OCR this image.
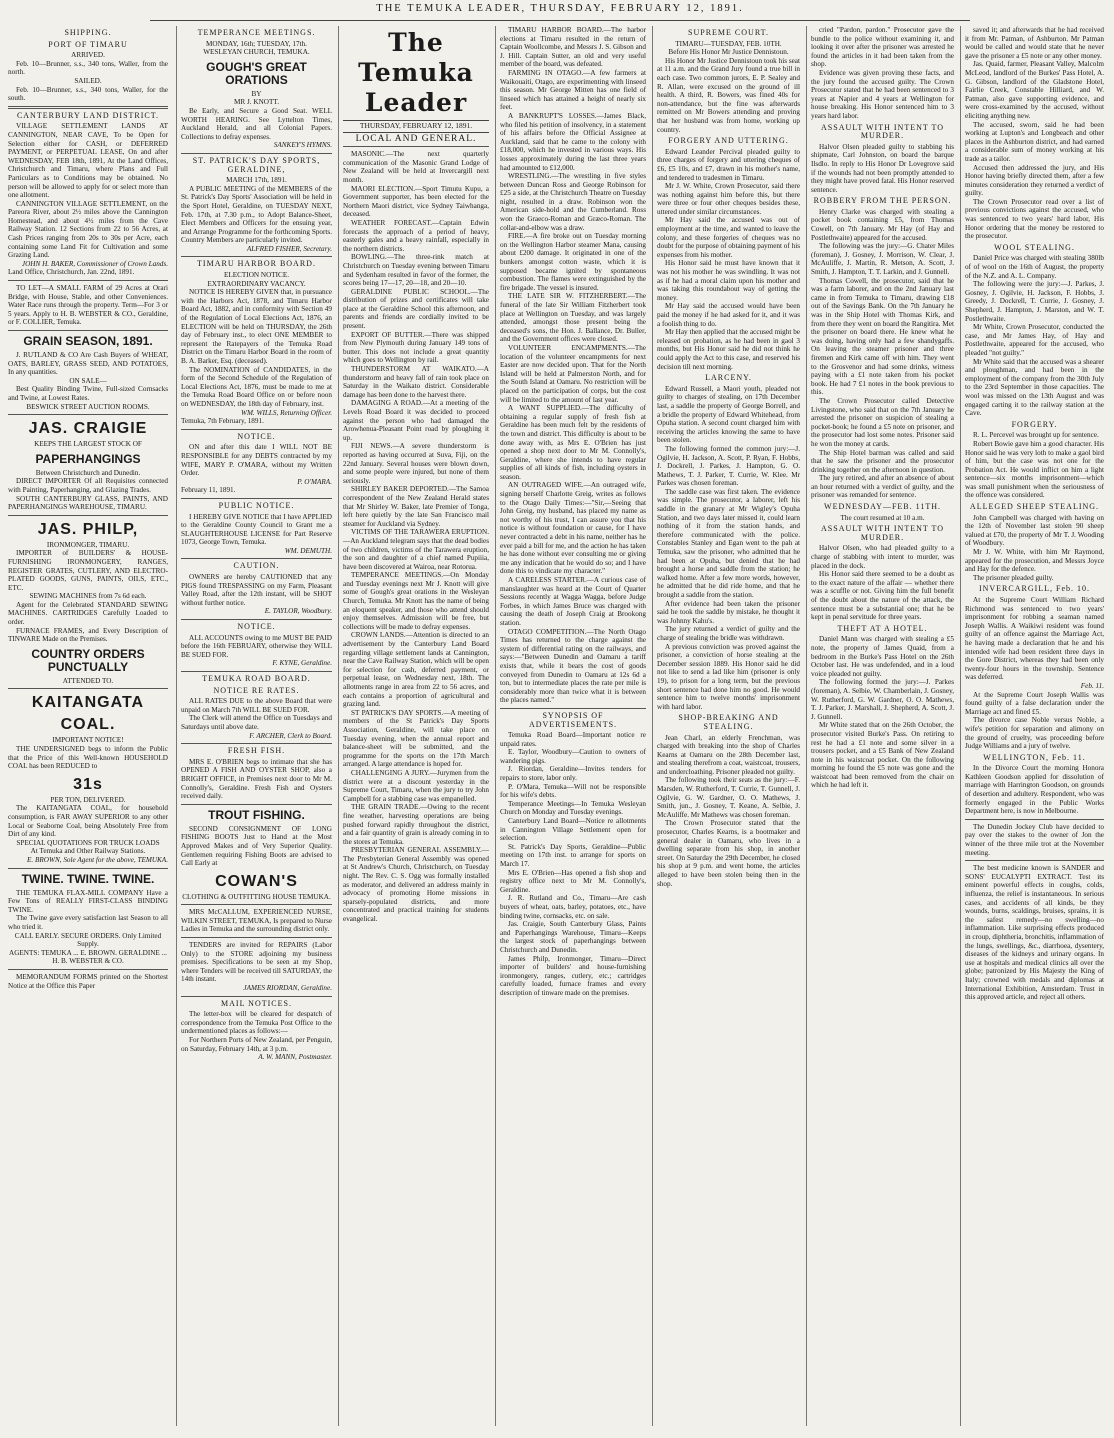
THE TEMUKA LEADER, THURSDAY, FEBRUARY 12, 1891.
SHIPPING.
PORT OF TIMARU
ARRIVED.

Feb. 10—Brunner, s.s., 340 tons, Waller, from the north.

SAILED.

Feb. 10—Brunner, s.s., 340 tons, Waller, for the south.

CANTERBURY LAND DISTRICT.

VILLAGE SETTLEMENT LANDS AT CANNINGTON, NEAR CAVE, To be Open for Selection either for CASH, or DEFERRED PAYMENT, or PERPETUAL LEASE, On and after WEDNESDAY, FEB 18th, 1891, At the Land Offices, Christchurch and Timaru, where Plans and Full Particulars as to Conditions may be obtained. No person will be allowed to apply for or select more than one allotment.

CANNINGTON VILLAGE SETTLEMENT, on the Pareora River, about 2½ miles above the Cannington Homestead, and about 4½ miles from the Cave Railway Station. 12 Sections from 22 to 56 Acres, at Cash Prices ranging from 20s to 30s per Acre, each containing some Land Fit for Cultivation and some Grazing Land.

JOHN H. BAKER, Commissioner of Crown Lands.
Land Office, Christchurch, Jan. 22nd, 1891.

TO LET—A SMALL FARM of 29 Acres at Orari Bridge, with House, Stable, and other Conveniences. Water Race runs through the property. Term—For 3 or 5 years. Apply to H. B. WEBSTER & CO., Geraldine, or F. COLLIER, Temuka.

GRAIN SEASON, 1891.

J. RUTLAND & CO Are Cash Buyers of WHEAT, OATS, BARLEY, GRASS SEED, AND POTATOES, In any quantities.

ON SALE—

Best Quality Binding Twine, Full-sized Cornsacks and Twine, at Lowest Rates.

BESWICK STREET AUCTION ROOMS.
JAS. CRAIGIE
KEEPS THE LARGEST STOCK OF
PAPERHANGINGS
Between Christchurch and Dunedin.

DIRECT IMPORTER Of all Requisites connected with Painting, Paperhanging, and Glazing Trades.

SOUTH CANTERBURY GLASS, PAINTS, AND PAPERHANGINGS WAREHOUSE, TIMARU.

JAS. PHILP,
IRONMONGER, TIMARU.

IMPORTER of BUILDERS' & HOUSE-FURNISHING IRONMONGERY, RANGES, REGISTER GRATES, CUTLERY, AND ELECTRO-PLATED GOODS, GUNS, PAINTS, OILS, ETC., ETC.

SEWING MACHINES from 7s 6d each.

Agent for the Celebrated STANDARD SEWING MACHINES. CARTRIDGES Carefully Loaded to order.

FURNACE FRAMES, and Every Description of TINWARE Made on the Premises.

COUNTRY ORDERS PUNCTUALLY
ATTENDED TO.
KAITANGATA
COAL.
IMPORTANT NOTICE!

THE UNDERSIGNED begs to inform the Public that the Price of this Well-known HOUSEHOLD COAL has been REDUCED to

31s
PER TON, DELIVERED.

The KAITANGATA COAL, for household consumption, is FAR AWAY SUPERIOR to any other Local or Seaborne Coal, being Absolutely Free from Dirt of any kind.

SPECIAL QUOTATIONS FOR TRUCK LOADS
At Temuka and Other Railway Stations.
E. BROWN, Sole Agent for the above, TEMUKA.
TWINE. TWINE. TWINE.

THE TEMUKA FLAX-MILL COMPANY Have a Few Tons of REALLY FIRST-CLASS BINDING TWINE.

The Twine gave every satisfaction last Season to all who tried it.

CALL EARLY. SECURE ORDERS. Only Limited Supply.
AGENTS: TEMUKA ... E. BROWN. GERALDINE ... H. B. WEBSTER & CO.

MEMORANDUM FORMS printed on the Shortest Notice at the Office this Paper

TEMPERANCE MEETINGS.
MONDAY, 16th; TUESDAY, 17th.
WESLEYAN CHURCH, TEMUKA.
GOUGH'S GREAT ORATIONS
BY
MR J. KNOTT.

Be Early, and Secure a Good Seat. WELL WORTH HEARING. See Lyttelton Times, Auckland Herald, and all Colonial Papers. Collections to defray expenses.

SANKEY'S HYMNS.
ST. PATRICK'S DAY SPORTS, GERALDINE,
MARCH 17th, 1891.

A PUBLIC MEETING of the MEMBERS of the St. Patrick's Day Sports' Association will be held in the Sport Hotel, Geraldine, on TUESDAY NEXT, Feb. 17th, at 7.30 p.m., to Adopt Balance-Sheet, Elect Members and Officers for the ensuing year, and Arrange Programme for the forthcoming Sports. Country Members are particularly invited.

ALFRED FISHER, Secretary.
TIMARU HARBOR BOARD.
ELECTION NOTICE.
EXTRAORDINARY VACANCY.

NOTICE IS HEREBY GIVEN that, in pursuance with the Harbors Act, 1878, and Timaru Harbor Board Act, 1882, and in conformity with Section 49 of the Regulation of Local Elections Act, 1876, an ELECTION will be held on THURSDAY, the 26th day of February inst., to elect ONE MEMBER to represent the Ratepayers of the Temuka Road District on the Timaru Harbor Board in the room of B. A. Barker, Esq. (deceased).

The NOMINATION of CANDIDATES, in the form of the Second Schedule of the Regulation of Local Elections Act, 1876, must be made to me at the Temuka Road Board Office on or before noon on WEDNESDAY, the 18th day of February, inst.

WM. WILLS, Returning Officer.
Temuka, 7th February, 1891.
NOTICE.

ON and after this date I WILL NOT BE RESPONSIBLE for any DEBTS contracted by my WIFE, MARY P. O'MARA, without my Written Order.

P. O'MARA.
February 11, 1891.
PUBLIC NOTICE.

I HEREBY GIVE NOTICE that I have APPLIED to the Geraldine County Council to Grant me a SLAUGHTERHOUSE LICENSE for Part Reserve 1073, George Town, Temuka.

WM. DEMUTH.
CAUTION.

OWNERS are hereby CAUTIONED that any PIGS found TRESPASSING on my Farm, Pleasant Valley Road, after the 12th instant, will be SHOT without further notice.

E. TAYLOR, Woodbury.
NOTICE.

ALL ACCOUNTS owing to me MUST BE PAID before the 16th FEBRUARY, otherwise they WILL BE SUED FOR.

F. KYNE, Geraldine.
TEMUKA ROAD BOARD.
NOTICE RE RATES.

ALL RATES DUE to the above Board that were unpaid on March 7th WILL BE SUED FOR.

The Clerk will attend the Office on Tuesdays and Saturdays until above date.

F. ARCHER, Clerk to Board.
FRESH FISH.

MRS E. O'BRIEN begs to intimate that she has OPENED A FISH AND OYSTER SHOP, also a BRIGHT OFFICE, in Premises next door to Mr M. Connolly's, Geraldine. Fresh Fish and Oysters received daily.

TROUT FISHING.

SECOND CONSIGNMENT OF LONG FISHING BOOTS Just to Hand at the Most Approved Makes and of Very Superior Quality. Gentlemen requiring Fishing Boots are advised to Call Early at

COWAN'S
CLOTHING & OUTFITTING HOUSE TEMUKA.

MRS McCALLUM, EXPERIENCED NURSE, WILKIN STREET, TEMUKA, Is prepared to Nurse Ladies in Temuka and the surrounding district only.

TENDERS are invited for REPAIRS (Labor Only) to the STORE adjoining my business premises. Specifications to be seen at my Shop, where Tenders will be received till SATURDAY, the 14th instant.

JAMES RIORDAN, Geraldine.
MAIL NOTICES.

The letter-box will be cleared for despatch of correspondence from the Temuka Post Office to the undermentioned places as follows:—

For Northern Ports of New Zealand, per Penguin, on Saturday, February 14th, at 3 p.m.

A. W. MANN, Postmaster.
The Temuka Leader
THURSDAY, FEBRUARY 12, 1891.
LOCAL AND GENERAL.

MASONIC.—The next quarterly communication of the Masonic Grand Lodge of New Zealand will be held at Invercargill next month.

MAORI ELECTION.—Sport Timutu Kupu, a Government supporter, has been elected for the Northern Maori district, vice Sydney Taiwhanga, deceased.

WEATHER FORECAST.—Captain Edwin forecasts the approach of a period of heavy, easterly gales and a heavy rainfall, especially in the northern districts.

BOWLING.—The three-rink match at Christchurch on Tuesday evening between Timaru and Sydenham resulted in favor of the former, the scores being 17—17, 20—18, and 20—10.

GERALDINE PUBLIC SCHOOL.—The distribution of prizes and certificates will take place at the Geraldine School this afternoon, and parents and friends are cordially invited to be present.

EXPORT OF BUTTER.—There was shipped from New Plymouth during January 149 tons of butter. This does not include a great quantity which goes to Wellington by rail.

THUNDERSTORM AT WAIKATO.—A thunderstorm and heavy fall of rain took place on Saturday in the Waikato district. Considerable damage has been done to the harvest there.

DAMAGING A ROAD.—At a meeting of the Levels Road Board it was decided to proceed against the person who had damaged the Arowhenua-Pleasant Point road by ploughing it up.

FIJI NEWS.—A severe thunderstorm is reported as having occurred at Suva, Fiji, on the 22nd January. Several houses were blown down, and some people were injured, but none of them seriously.

SHIRLEY BAKER DEPORTED.—The Samoa correspondent of the New Zealand Herald states that Mr Shirley W. Baker, late Premier of Tonga, left here quietly by the late San Francisco mail steamer for Auckland via Sydney.

VICTIMS OF THE TARAWERA ERUPTION.—An Auckland telegram says that the dead bodies of two children, victims of the Tarawera eruption, the son and daughter of a chief named Pupiiia, have been discovered at Wairoa, near Rotorua.

TEMPERANCE MEETINGS.—On Monday and Tuesday evenings next Mr J. Knott will give some of Gough's great orations in the Wesleyan Church, Temuka. Mr Knott has the name of being an eloquent speaker, and those who attend should enjoy themselves. Admission will be free, but collections will be made to defray expenses.

CROWN LANDS.—Attention is directed to an advertisement by the Canterbury Land Board regarding village settlement lands at Cannington, near the Cave Railway Station, which will be open for selection for cash, deferred payment, or perpetual lease, on Wednesday next, 18th. The allotments range in area from 22 to 56 acres, and each contains a proportion of agricultural and grazing land.

ST PATRICK'S DAY SPORTS.—A meeting of members of the St Patrick's Day Sports Association, Geraldine, will take place on Tuesday evening, when the annual report and balance-sheet will be submitted, and the programme for the sports on the 17th March arranged. A large attendance is hoped for.

CHALLENGING A JURY.—Jurymen from the district were at a discount yesterday in the Supreme Court, Timaru, when the jury to try John Campbell for a stabbing case was empanelled.

THE GRAIN TRADE.—Owing to the recent fine weather, harvesting operations are being pushed forward rapidly throughout the district, and a fair quantity of grain is already coming in to the stores at Temuka.

PRESBYTERIAN GENERAL ASSEMBLY.—The Presbyterian General Assembly was opened at St Andrew's Church, Christchurch, on Tuesday night. The Rev. C. S. Ogg was formally installed as moderator, and delivered an address mainly in advocacy of promoting Home missions in sparsely-populated districts, and more concentrated and practical training for students evangelical.

TIMARU HARBOR BOARD.—The harbor elections at Timaru resulted in the return of Captain Woollcombe, and Messrs J. S. Gibson and J. Hill. Captain Sutter, an old and very useful member of the board, was defeated.

FARMING IN OTAGO.—A few farmers at Waikouaiti, Otago, are experimenting with linseed this season. Mr George Mitten has one field of linseed which has attained a height of nearly six feet.

A BANKRUPT'S LOSSES.—James Black, who filed his petition of insolvency, in a statement of his affairs before the Official Assignee at Auckland, said that he came to the colony with £18,000, which he invested in various ways. His losses approximately during the last three years had amounted to £12,000.

WRESTLING.—The wrestling in five styles between Duncan Ross and George Robinson for £25 a side, at the Christchurch Theatre on Tuesday night, resulted in a draw. Robinson won the American side-hold and the Cumberland. Ross won the Graeco-Roman and Græco-Roman. The collar-and-elbow was a draw.

FIRE.—A fire broke out on Tuesday morning on the Wellington Harbor steamer Mana, causing about £200 damage. It originated in one of the bunkers amongst cotton waste, which it is supposed became ignited by spontaneous combustion. The flames were extinguished by the fire brigade. The vessel is insured.

THE LATE SIR W. FITZHERBERT.—The funeral of the late Sir William Fitzherbert took place at Wellington on Tuesday, and was largely attended, amongst those present being the deceased's sons, the Hon. J. Ballance, Dr. Buller, and the Government offices were closed.

VOLUNTEER ENCAMPMENTS.—The location of the volunteer encampments for next Easter are now decided upon. That for the North Island will be held at Palmerston North, and for the South Island at Oamaru. No restriction will be placed on the participation of corps, but the cost will be limited to the amount of last year.

A WANT SUPPLIED.—The difficulty of obtaining a regular supply of fresh fish at Geraldine has been much felt by the residents of the town and district. This difficulty is about to be done away with, as Mrs E. O'Brien has just opened a shop next door to Mr M. Connolly's, Geraldine, where she intends to have regular supplies of all kinds of fish, including oysters in season.

AN OUTRAGED WIFE.—An outraged wife, signing herself Charlotte Greig, writes as follows to the Otago Daily Times:—"Sir,—Seeing that John Greig, my husband, has placed my name as not worthy of his trust, I can assure you that his notice is without foundation or cause, for I have never contracted a debt in his name, neither has he ever paid a bill for me, and the action he has taken he has done without ever consulting me or giving me any indication that he would do so; and I have done this to vindicate my character."

A CARELESS STARTER.—A curious case of manslaughter was heard at the Court of Quarter Sessions recently at Wagga Wagga, before Judge Forbes, in which James Bruce was charged with causing the death of Joseph Craig at Brookong station.

OTAGO COMPETITION.—The North Otago Times has returned to the charge against the system of differential rating on the railways, and says:—"Between Dunedin and Oamaru a tariff exists that, while it bears the cost of goods conveyed from Dunedin to Oamaru at 12s 6d a ton, but to intermediate places the rate per mile is considerably more than twice what it is between the places named."

SYNOPSIS OF ADVERTISEMENTS.

Temuka Road Board—Important notice re unpaid rates.

E. Taylor, Woodbury—Caution to owners of wandering pigs.

J. Riordan, Geraldine—Invites tenders for repairs to store, labor only.

P. O'Mara, Temuka—Will not be responsible for his wife's debts.

Temperance Meetings—In Temuka Wesleyan Church on Monday and Tuesday evenings.

Canterbury Land Board—Notice re allotments in Cannington Village Settlement open for selection.

St. Patrick's Day Sports, Geraldine—Public meeting on 17th inst. to arrange for sports on March 17.

Mrs E. O'Brien—Has opened a fish shop and registry office next to Mr M. Connolly's, Geraldine.

J. R. Rutland and Co., Timaru—Are cash buyers of wheat, oats, barley, potatoes, etc., have binding twine, cornsacks, etc. on sale.

Jas. Craigie, South Canterbury Glass, Paints and Paperhangings Warehouse, Timaru—Keeps the largest stock of paperhangings between Christchurch and Dunedin.

James Philp, Ironmonger, Timaru—Direct importer of builders' and house-furnishing ironmongery, ranges, cutlery, etc.; cartridges carefully loaded, furnace frames and every description of tinware made on the premises.

SUPREME COURT.
TIMARU—TUESDAY, FEB. 10TH.
Before His Honor Mr Justice Dennistoun.

His Honor Mr Justice Dennistoun took his seat at 11 a.m. and the Grand Jury found a true bill in each case. Two common jurors, E. P. Sealey and R. Allan, were excused on the ground of ill health. A third, R. Bowers, was fined 40s for non-attendance, but the fine was afterwards remitted on Mr Bowers attending and proving that her husband was from home, working up country.

FORGERY AND UTTERING.

Edward Leander Percival pleaded guilty to three charges of forgery and uttering cheques of £6, £5 10s, and £7, drawn in his mother's name, and tendered to tradesmen in Timaru.

Mr J. W. White, Crown Prosecutor, said there was nothing against him before this, but there were three or four other cheques besides these, uttered under similar circumstances.

Mr Hay said the accused was out of employment at the time, and wanted to leave the colony, and these forgeries of cheques was no doubt for the purpose of obtaining payment of his expenses from his mother.

His Honor said he must have known that it was not his mother he was swindling. It was not as if he had a moral claim upon his mother and was taking this roundabout way of getting the money.

Mr Hay said the accused would have been paid the money if he had asked for it, and it was a foolish thing to do.

Mr Hay then applied that the accused might be released on probation, as he had been in gaol 3 months, but His Honor said he did not think he could apply the Act to this case, and reserved his decision till next morning.

LARCENY.

Edward Russell, a Maori youth, pleaded not guilty to charges of stealing, on 17th December last, a saddle the property of George Borrell, and a bridle the property of Edward Whitehead, from Opuha station. A second count charged him with receiving the articles knowing the same to have been stolen.

The following formed the common jury:—J. Ogilvie, H. Jackson, A. Scott, P. Ryan, F. Hobbs, J. Dockrell, J. Parkes, J. Hampton, G. O. Mathews, T. J. Parker, T. Currie, W. Klee. Mr Parkes was chosen foreman.

The saddle case was first taken. The evidence was simple. The prosecutor, a laborer, left his saddle in the granary at Mr Wigley's Opuha Station, and two days later missed it, could learn nothing of it from the station hands, and therefore communicated with the police. Constables Stanley and Egan went to the pah at Temuka, saw the prisoner, who admitted that he had been at Opuha, but denied that he had brought a horse and saddle from the station; he walked home. After a few more words, however, he admitted that he did ride home, and that he brought a saddle from the station.

After evidence had been taken the prisoner said he took the saddle by mistake, he thought it was Johnny Kahu's.

The jury returned a verdict of guilty and the charge of stealing the bridle was withdrawn.

A previous conviction was proved against the prisoner, a conviction of horse stealing at the December session 1889. His Honor said he did not like to send a lad like him (prisoner is only 19), to prison for a long term, but the previous short sentence had done him no good. He would sentence him to twelve months' imprisonment with hard labor.

SHOP-BREAKING AND STEALING.

Jean Charl, an elderly Frenchman, was charged with breaking into the shop of Charles Kearns at Oamaru on the 28th December last, and stealing therefrom a coat, waistcoat, trousers, and undercloathing. Prisoner pleaded not guilty.

The following took their seats as the jury:—F. Marsden, W. Rutherford, T. Currie, T. Gunnell, J. Ogilvie, G. W. Gardner, O. O. Mathews, J. Smith, jun., J. Gosney, T. Keane, A. Selbie, J. McAuliffe. Mr Mathews was chosen foreman.

The Crown Prosecutor stated that the prosecutor, Charles Kearns, is a bootmaker and general dealer in Oamaru, who lives in a dwelling separate from his shop, in another street. On Saturday the 29th December, he closed his shop at 9 p.m. and went home, the articles alleged to have been stolen being then in the shop.

cried "Pardon, pardon." Prosecutor gave the bundle to the police without examining it, and looking it over after the prisoner was arrested he found the articles in it had been taken from the shop.

Evidence was given proving these facts, and the jury found the accused guilty. The Crown Prosecutor stated that he had been sentenced to 3 years at Napier and 4 years at Wellington for house breaking. His Honor sentenced him to 3 years hard labor.

ASSAULT WITH INTENT TO MURDER.

Halvor Olsen pleaded guilty to stabbing his shipmate, Carl Johnston, on board the barque Ilsdlo. In reply to His Honor Dr Lovegrove said if the wounds had not been promptly attended to they might have proved fatal. His Honor reserved sentence.

ROBBERY FROM THE PERSON.

Henry Clarke was charged with stealing a pocket book containing £5, from Thomas Cowell, on 7th January. Mr Hay (of Hay and Postlethwaite) appeared for the accused.

The following was the jury:—G. Chater Miles (foreman), J. Gosney, J. Morrison, W. Clear, J. McAuliffe, J. Martin, R. Metson, A. Scott, J. Smith, J. Hampton, T. T. Larkin, and J. Gunnell.

Thomas Cowell, the prosecutor, said that he was a farm laborer, and on the 2nd January last came in from Temuka to Timaru, drawing £18 out of the Savings Bank. On the 7th January he was in the Ship Hotel with Thomas Kirk, and from there they went on board the Rangitira. Met the prisoner on board there. He knew what he was doing, having only had a few shandygaffs. On leaving the steamer prisoner and three firemen and Kirk came off with him. They went to the Grosvenor and had some drinks, witness paying with a £1 note taken from his pocket book. He had 7 £1 notes in the book previous to this.

The Crown Prosecutor called Detective Livingstone, who said that on the 7th January he arrested the prisoner on suspicion of stealing a pocket-book; he found a £5 note on prisoner, and the prosecutor had lost some notes. Prisoner said he won the money at cards.

The Ship Hotel barman was called and said that he saw the prisoner and the prosecutor drinking together on the afternoon in question.

The jury retired, and after an absence of about an hour returned with a verdict of guilty, and the prisoner was remanded for sentence.

WEDNESDAY—FEB. 11TH.
The court resumed at 10 a.m.
ASSAULT WITH INTENT TO MURDER.

Halvor Olsen, who had pleaded guilty to a charge of stabbing with intent to murder, was placed in the dock.

His Honor said there seemed to be a doubt as to the exact nature of the affair — whether there was a scuffle or not. Giving him the full benefit of the doubt about the nature of the attack, the sentence must be a substantial one; that he be kept in penal servitude for three years.

THEFT AT A HOTEL.

Daniel Mann was charged with stealing a £5 note, the property of James Quaid, from a bedroom in the Burke's Pass Hotel on the 26th October last. He was undefended, and in a loud voice pleaded not guilty.

The following formed the jury:—J. Parkes (foreman), A. Selbie, W. Chamberlain, J. Gosney, W. Rutherford, G. W. Gardner, O. O. Mathews, T. J. Parker, J. Marshall, J. Shepherd, A. Scott, J. J. Gunnell.

Mr White stated that on the 26th October, the prosecutor visited Burke's Pass. On retiring to rest he had a £1 note and some silver in a trousers pocket, and a £5 Bank of New Zealand note in his waistcoat pocket. On the following morning he found the £5 note was gone and the waistcoat had been removed from the chair on which he had left it.

saved it; and afterwards that he had received it from Mr. Patman, of Ashburton. Mr Patman would be called and would state that he never gave the prisoner a £5 note or any other money.

Jas. Quaid, farmer, Pleasant Valley, Malcolm McLeod, landlord of the Burkes' Pass Hotel, A. G. Gibson, landlord of the Gladstone Hotel, Fairlie Creek, Constable Hilliard, and W. Patman, also gave supporting evidence, and were cross-examined by the accused, without eliciting anything new.

The accused, sworn, said he had been working at Lupton's and Longbeach and other places in the Ashburton district, and had earned a considerable sum of money working at his trade as a tailor.

Accused then addressed the jury, and His Honor having briefly directed them, after a few minutes consideration they returned a verdict of guilty.

The Crown Prosecutor read over a list of previous convictions against the accused, who was sentenced to two years' hard labor, His Honor ordering that the money be restored to the prosecutor.

WOOL STEALING.

Daniel Price was charged with stealing 380lb of of wool on the 16th of August, the property of the N.Z. and A. L. Company.

The following were the jury:—J. Parkes, J. Gosney, J. Ogilvie, H. Jackson, F. Hobbs, J. Greedy, J. Dockrell, T. Currie, J. Gosney, J. Shepherd, J. Hampton, J. Marston, and W. T. Postlethwaite.

Mr White, Crown Prosecutor, conducted the case, and Mr James Hay, of Hay and Postlethwaite, appeared for the accused, who pleaded "not guilty."

Mr White said that the accused was a shearer and ploughman, and had been in the employment of the company from the 30th July to the 23rd September in those capacities. The wool was missed on the 13th August and was engaged carting it to the railway station at the Cave.

FORGERY.

R. L. Percevel was brought up for sentence.

Robert Bowie gave him a good character. His Honor said he was very loth to make a gaol bird of him, but the case was not one for the Probation Act. He would inflict on him a light sentence—six months imprisonment—which was small punishment when the seriousness of the offence was considered.

ALLEGED SHEEP STEALING.

John Campbell was charged with having on the 12th of November last stolen 90 sheep valued at £70, the property of Mr T. J. Wooding of Woodbury.

Mr J. W. White, with him Mr Raymond, appeared for the prosecution, and Messrs Joyce and Hay for the defence.

The prisoner pleaded guilty.

INVERCARGILL, Feb. 10.

At the Supreme Court William Richard Richmond was sentenced to two years' imprisonment for robbing a seaman named Joseph Wallis. A Waikiwi resident was found guilty of an offence against the Marriage Act, he having made a declaration that he and his intended wife had been resident three days in the Gore District, whereas they had been only twenty-four hours in the township. Sentence was deferred.

Feb. 11.

At the Supreme Court Joseph Wallis was found guilty of a false declaration under the Marriage act and fined £5.

The divorce case Noble versus Noble, a wife's petition for separation and alimony on the ground of cruelty, was proceeding before Judge Williams and a jury of twelve.

WELLINGTON, Feb. 11.

In the Divorce Court the morning Honora Kathleen Goodson applied for dissolution of marriage with Harrington Goodson, on grounds of desertion and adultery. Respondent, who was formerly engaged in the Public Works Department here, is now in Melbourne.

The Dunedin Jockey Club have decided to pay over the stakes to the owner of Jon the winner of the three mile trot at the November meeting.

The best medicine known is SANDER and SONS' EUCALYPTI EXTRACT. Test its eminent powerful effects in coughs, colds, influenza, the relief is instantaneous. In serious cases, and accidents of all kinds, be they wounds, burns, scaldings, bruises, sprains, it is the safest remedy—no swelling—no inflammation. Like surprising effects produced in croup, diphtheria, bronchitis, inflammation of the lungs, swellings, &c., diarrhoea, dysentery, diseases of the kidneys and urinary organs. In use at hospitals and medical clinics all over the globe; patronized by His Majesty the King of Italy; crowned with medals and diplomas at International Exhibition, Amsterdam. Trust in this approved article, and reject all others.
